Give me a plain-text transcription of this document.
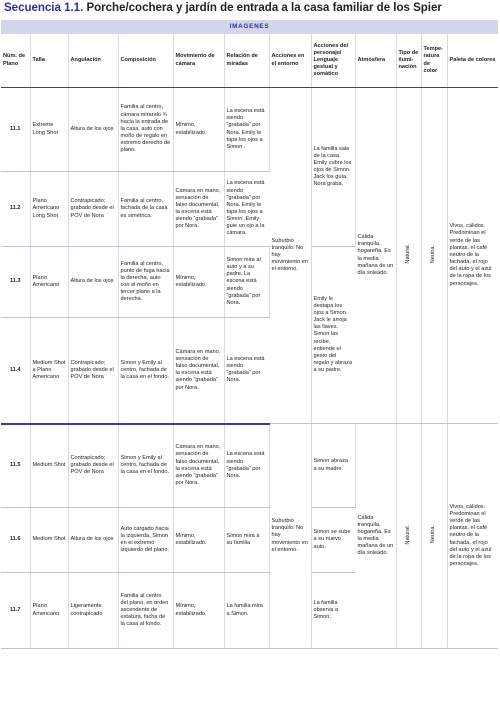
Secuencia 1.1. Porche/cochera y jardín de entrada a la casa familiar de los Spier
IMAGENES											
Núm. de Plano	Talla	Angulación	Composición	Movimiento de cámara	Relación de miradas	Acciones en el entorno	Acciones del personaje/ Lenguaje gestual y somático	Atmósfera	Tipo de ilumi- nación	Tempe- ratura de color	Paleta de colores
11.1	Extreme Long Shot	Altura de los ojos	Familia al centro, cámara mirando ¾ hacia la entrada de la casa, auto con moño de regalo en extremo derecho de plano.	Mínimo, estabilizado.	La escena está siendo “grabada” por Nora. Emily le tapa los ojos a Simon .	Suburbio tranquilo. No hay movimiento en el entorno.	La familia sale de la casa. Emily cubre los ojos de Simon. Jack los guía, Nora graba.	Cálida tranquila, hogareña. Es la media mañana de un día soleado.	Natural.	Neutra.	Vivos, cálidos. Predominan el verde de las plantas, el café neutro de la fachada, el rojo del auto y el azul de la ropa de los personajes.
11.2	Plano Americano Long Shot	Contrapicado; grabado desde el POV de Nora	Familia al centro, fachada de la casa es simétrica.	Cámara en mano, sensación de falso documental, la escena está siendo “grabada” por Nora.	La escena está siendo “grabada” por Nora. Emily le tapa los ojos a Simon .Emily guie un ojo a la cámara.						
11.3	Plano Americano	Altura de los ojos	Familia al centro, punto de fuga hacia la derecha, auto con el moño en tercer plano a la derecha.	Mínimo, estabilizado.	Simon mira al auto y a su padre. La escena está siendo “grabada” por Nora.		Emily le destapa los ojos a Simon. Jack le arroja las llaves. Simon las recibe, entiende el gesto del regalo y abraza a su padre.				
11.4	Medium Shot a Plano Americano	Contrapicado; grabado desde el POV de Nora	Simon y Emily al centro, fachada de la casa en el fondo.	Cámara en mano, sensación de falso documental, la escena está siendo “grabada” por Nora.	La escena está siendo “grabada” por Nora.						
11.5	Medium Shot	Contrapicado; grabado desde el POV de Nora	Simon y Emily al centro, fachada de la casa en el fondo.	Cámara en mano, sensación de falso documental, la escena está siendo “grabada” por Nora.	La escena está siendo “grabada” por Nora.	Suburbio tranquilo. No hay movimiento en el entorno.	Simon abraza a su madre.	Cálida tranquila, hogareña. Es la media mañana de un día soleado.	Natural.	Neutra.	Vivos, cálidos. Predominan el verde de las plantas, el café neutro de la fachada, el rojo del auto y el azul de la ropa de los personajes.
11.6	Medium Shot	Altura de los ojos	Auto cargado hacia la izquierda, Simon en el extremo izquierdo del plano.	Mínimo, estabilizado.	Simon mira a su familia		Simon se sube a su nuevo auto.				
11.7	Plano Americano	Ligeramente contrapicado	Familia al centro del plano, en orden ascendente de estatura, facha de la casa al fondo.	Mínimo, estabilizado.	La familia mira a Simon.		La familia observa a Simon.				
